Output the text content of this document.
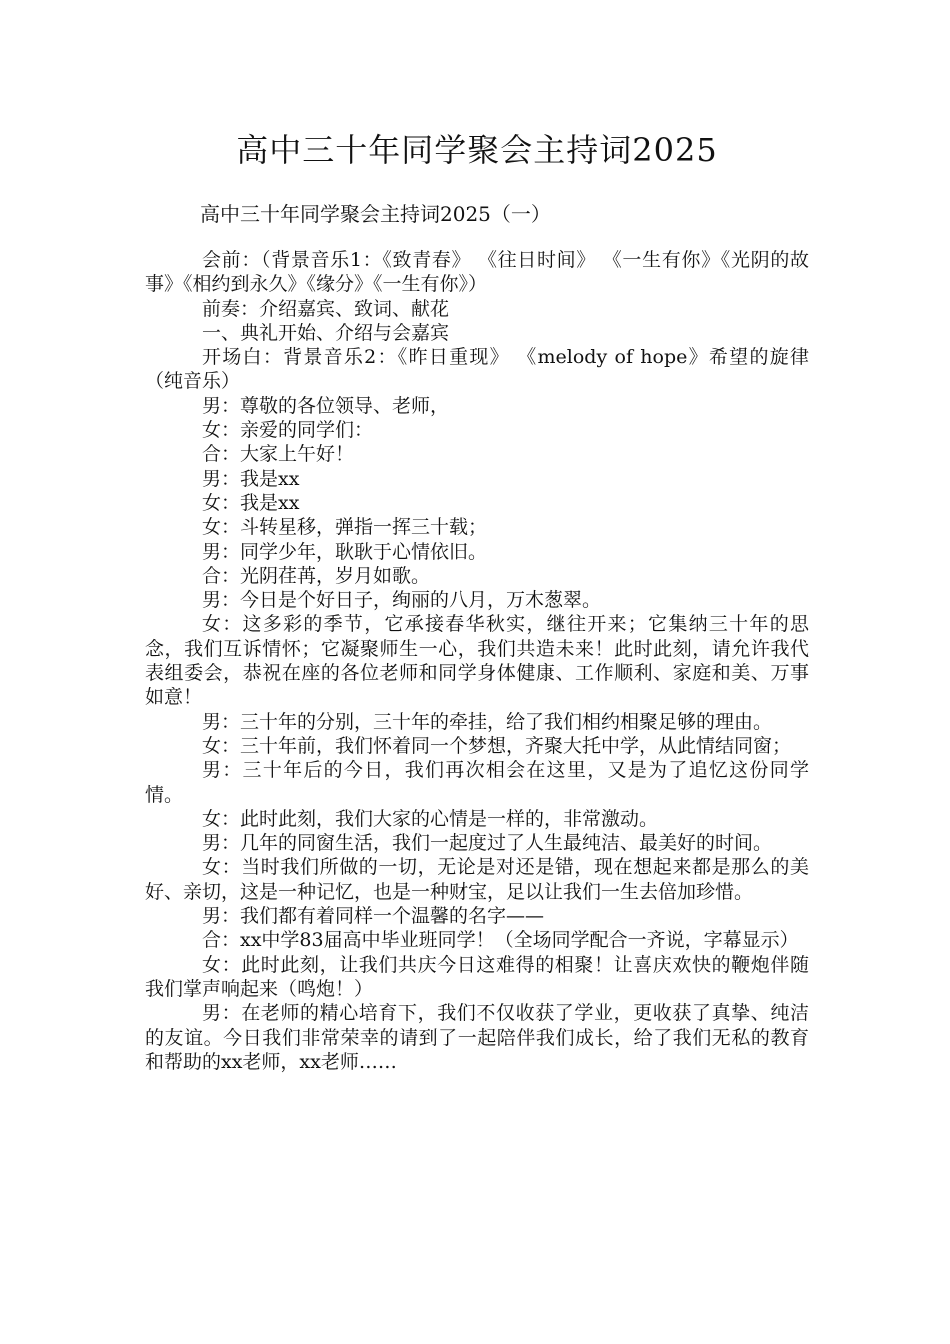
高中三十年同学聚会主持词2025
高中三十年同学聚会主持词2025（一）

会前：（背景音乐1：《致青春》 《往日时间》 《一生有你》《光阴的故事》《相约到永久》《缘分》《一生有你》）

前奏：介绍嘉宾、致词、献花

一、典礼开始、介绍与会嘉宾

开场白：背景音乐2：《昨日重现》 《melody of hope》希望的旋律（纯音乐）

男：尊敬的各位领导、老师，

女：亲爱的同学们：

合：大家上午好！

男：我是xx

女：我是xx

女：斗转星移，弹指一挥三十载；

男：同学少年，耿耿于心情依旧。

合：光阴荏苒，岁月如歌。

男：今日是个好日子，绚丽的八月，万木葱翠。

女：这多彩的季节，它承接春华秋实，继往开来；它集纳三十年的思念，我们互诉情怀；它凝聚师生一心，我们共造未来！此时此刻，请允许我代表组委会，恭祝在座的各位老师和同学身体健康、工作顺利、家庭和美、万事如意！

男：三十年的分别，三十年的牵挂，给了我们相约相聚足够的理由。

女：三十年前，我们怀着同一个梦想，齐聚大托中学，从此情结同窗；

男：三十年后的今日，我们再次相会在这里，又是为了追忆这份同学情。

女：此时此刻，我们大家的心情是一样的，非常激动。

男：几年的同窗生活，我们一起度过了人生最纯洁、最美好的时间。

女：当时我们所做的一切，无论是对还是错，现在想起来都是那么的美好、亲切，这是一种记忆，也是一种财宝，足以让我们一生去倍加珍惜。

男：我们都有着同样一个温馨的名字——

合：xx中学83届高中毕业班同学！（全场同学配合一齐说，字幕显示）

女：此时此刻，让我们共庆今日这难得的相聚！让喜庆欢快的鞭炮伴随我们掌声响起来（鸣炮！）

男：在老师的精心培育下，我们不仅收获了学业，更收获了真挚、纯洁的友谊。今日我们非常荣幸的请到了一起陪伴我们成长，给了我们无私的教育和帮助的xx老师，xx老师……
